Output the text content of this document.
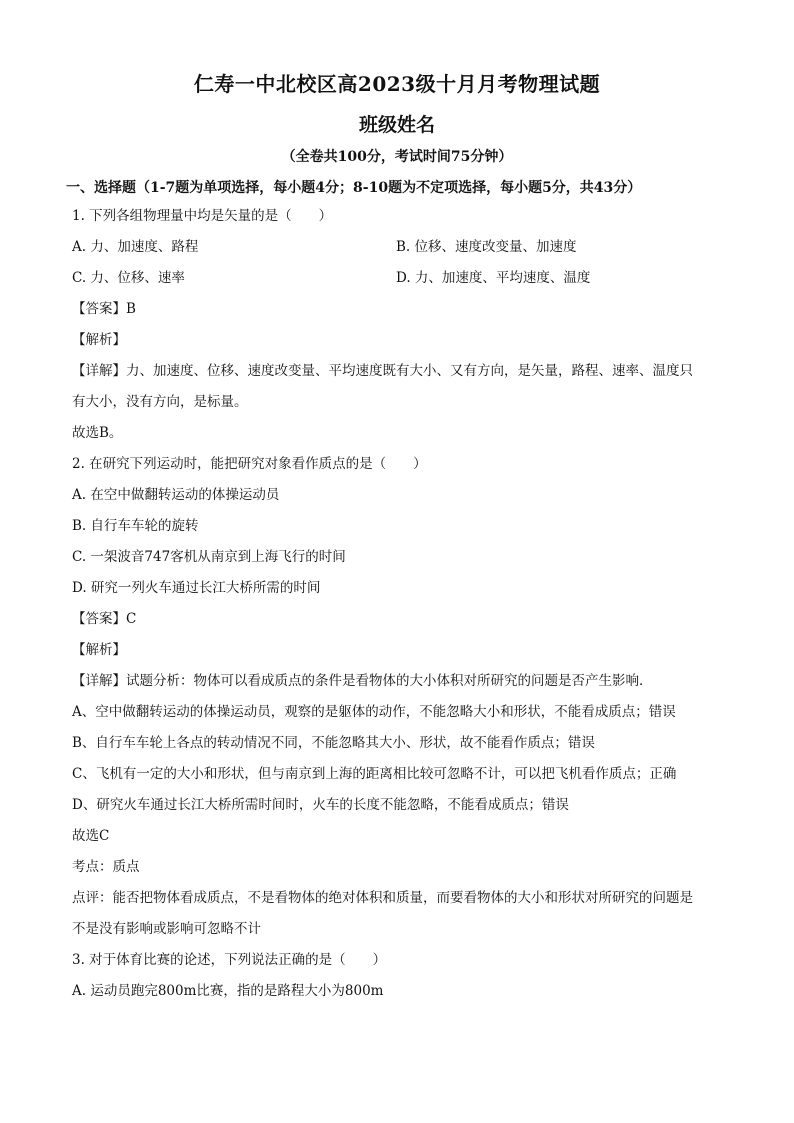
仁寿一中北校区高2023级十月月考物理试题
班级姓名
（全卷共100分，考试时间75分钟）
一、选择题（1-7题为单项选择，每小题4分；8-10题为不定项选择，每小题5分，共43分）
1. 下列各组物理量中均是矢量的是（　　）
A. 力、加速度、路程	B. 位移、速度改变量、加速度
C. 力、位移、速率	D. 力、加速度、平均速度、温度
【答案】B
【解析】
【详解】力、加速度、位移、速度改变量、平均速度既有大小、又有方向，是矢量，路程、速率、温度只
有大小，没有方向，是标量。
故选B。
2. 在研究下列运动时，能把研究对象看作质点的是（　　）
A. 在空中做翻转运动的体操运动员
B. 自行车车轮的旋转
C. 一架波音747客机从南京到上海飞行的时间
D. 研究一列火车通过长江大桥所需的时间
【答案】C
【解析】
【详解】试题分析：物体可以看成质点的条件是看物体的大小体积对所研究的问题是否产生影响．
A、空中做翻转运动的体操运动员，观察的是躯体的动作，不能忽略大小和形状，不能看成质点；错误
B、自行车车轮上各点的转动情况不同，不能忽略其大小、形状，故不能看作质点；错误
C、飞机有一定的大小和形状，但与南京到上海的距离相比较可忽略不计，可以把飞机看作质点；正确
D、研究火车通过长江大桥所需时间时，火车的长度不能忽略，不能看成质点；错误
故选C
考点：质点
点评：能否把物体看成质点，不是看物体的绝对体积和质量，而要看物体的大小和形状对所研究的问题是
不是没有影响或影响可忽略不计
3. 对于体育比赛的论述，下列说法正确的是（　　）
A. 运动员跑完800m比赛，指的是路程大小为800m
